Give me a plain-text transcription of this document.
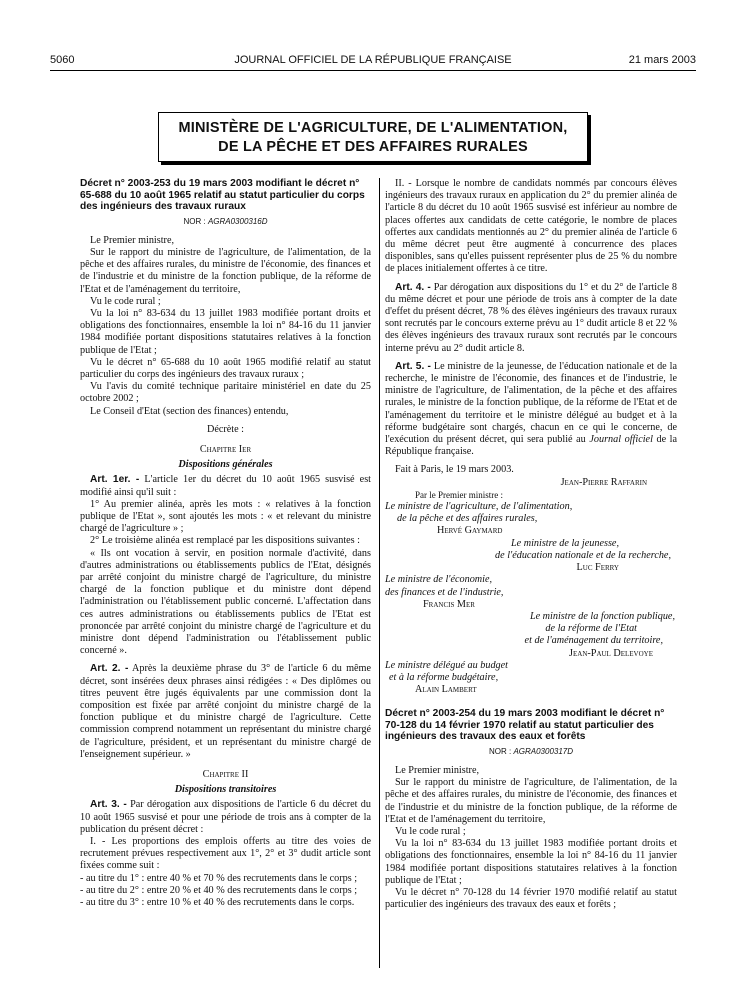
5060	JOURNAL OFFICIEL DE LA RÉPUBLIQUE FRANÇAISE	21 mars 2003
MINISTÈRE DE L'AGRICULTURE, DE L'ALIMENTATION,
DE LA PÊCHE ET DES AFFAIRES RURALES

Décret n° 2003-253 du 19 mars 2003 modifiant le décret n° 65-688 du 10 août 1965 relatif au statut particulier du corps des ingénieurs des travaux ruraux

NOR : AGRA0300316D

Le Premier ministre,

Sur le rapport du ministre de l'agriculture, de l'alimentation, de la pêche et des affaires rurales, du ministre de l'économie, des finances et de l'industrie et du ministre de la fonction publique, de la réforme de l'Etat et de l'aménagement du territoire,

Vu le code rural ;

Vu la loi n° 83-634 du 13 juillet 1983 modifiée portant droits et obligations des fonctionnaires, ensemble la loi n° 84-16 du 11 janvier 1984 modifiée portant dispositions statutaires relatives à la fonction publique de l'Etat ;

Vu le décret n° 65-688 du 10 août 1965 modifié relatif au statut particulier du corps des ingénieurs des travaux ruraux ;

Vu l'avis du comité technique paritaire ministériel en date du 25 octobre 2002 ;

Le Conseil d'Etat (section des finances) entendu,

Décrète :

Chapitre Ier

Dispositions générales

Art. 1er. - L'article 1er du décret du 10 août 1965 susvisé est modifié ainsi qu'il suit :

1° Au premier alinéa, après les mots : « relatives à la fonction publique de l'Etat », sont ajoutés les mots : « et relevant du ministre chargé de l'agriculture » ;

2° Le troisième alinéa est remplacé par les dispositions suivantes :

« Ils ont vocation à servir, en position normale d'activité, dans d'autres administrations ou établissements publics de l'Etat, désignés par arrêté conjoint du ministre chargé de l'agriculture, du ministre chargé de la fonction publique et du ministre dont dépend l'administration ou l'établissement public concerné. L'affectation dans ces autres administrations ou établissements publics de l'Etat est prononcée par arrêté conjoint du ministre chargé de l'agriculture et du ministre dont dépend l'administration ou l'établissement public concerné ».

Art. 2. - Après la deuxième phrase du 3° de l'article 6 du même décret, sont insérées deux phrases ainsi rédigées : « Des diplômes ou titres peuvent être jugés équivalents par une commission dont la composition est fixée par arrêté conjoint du ministre chargé de la fonction publique et du ministre chargé de l'agriculture. Cette commission comprend notamment un représentant du ministre chargé de l'agriculture, président, et un représentant du ministre chargé de l'enseignement supérieur. »

Chapitre II

Dispositions transitoires

Art. 3. - Par dérogation aux dispositions de l'article 6 du décret du 10 août 1965 susvisé et pour une période de trois ans à compter de la publication du présent décret :

I. - Les proportions des emplois offerts au titre des voies de recrutement prévues respectivement aux 1°, 2° et 3° dudit article sont fixées comme suit :

- au titre du 1° : entre 40 % et 70 % des recrutements dans le corps ;

- au titre du 2° : entre 20 % et 40 % des recrutements dans le corps ;

- au titre du 3° : entre 10 % et 40 % des recrutements dans le corps.

II. - Lorsque le nombre de candidats nommés par concours élèves ingénieurs des travaux ruraux en application du 2° du premier alinéa de l'article 8 du décret du 10 août 1965 susvisé est inférieur au nombre de places offertes aux candidats de cette catégorie, le nombre de places offertes aux candidats mentionnés au 2° du premier alinéa de l'article 6 du même décret peut être augmenté à concurrence des places disponibles, sans qu'elles puissent représenter plus de 25 % du nombre de places initialement offertes à ce titre.

Art. 4. - Par dérogation aux dispositions du 1° et du 2° de l'article 8 du même décret et pour une période de trois ans à compter de la date d'effet du présent décret, 78 % des élèves ingénieurs des travaux ruraux sont recrutés par le concours externe prévu au 1° dudit article 8 et 22 % des élèves ingénieurs des travaux ruraux sont recrutés par le concours interne prévu au 2° dudit article 8.

Art. 5. - Le ministre de la jeunesse, de l'éducation nationale et de la recherche, le ministre de l'économie, des finances et de l'industrie, le ministre de l'agriculture, de l'alimentation, de la pêche et des affaires rurales, le ministre de la fonction publique, de la réforme de l'Etat et de l'aménagement du territoire et le ministre délégué au budget et à la réforme budgétaire sont chargés, chacun en ce qui le concerne, de l'exécution du présent décret, qui sera publié au Journal officiel de la République française.

Fait à Paris, le 19 mars 2003.

Jean-Pierre Raffarin

Par le Premier ministre :

Le ministre de l'agriculture, de l'alimentation,

de la pêche et des affaires rurales,

Hervé Gaymard

Le ministre de la jeunesse,

de l'éducation nationale et de la recherche,

Luc Ferry

Le ministre de l'économie,

des finances et de l'industrie,

Francis Mer

Le ministre de la fonction publique,

de la réforme de l'Etat

et de l'aménagement du territoire,

Jean-Paul Delevoye

Le ministre délégué au budget

et à la réforme budgétaire,

Alain Lambert

Décret n° 2003-254 du 19 mars 2003 modifiant le décret n° 70-128 du 14 février 1970 relatif au statut particulier des ingénieurs des travaux des eaux et forêts

NOR : AGRA0300317D

Le Premier ministre,

Sur le rapport du ministre de l'agriculture, de l'alimentation, de la pêche et des affaires rurales, du ministre de l'économie, des finances et de l'industrie et du ministre de la fonction publique, de la réforme de l'Etat et de l'aménagement du territoire,

Vu le code rural ;

Vu la loi n° 83-634 du 13 juillet 1983 modifiée portant droits et obligations des fonctionnaires, ensemble la loi n° 84-16 du 11 janvier 1984 modifiée portant dispositions statutaires relatives à la fonction publique de l'Etat ;

Vu le décret n° 70-128 du 14 février 1970 modifié relatif au statut particulier des ingénieurs des travaux des eaux et forêts ;
